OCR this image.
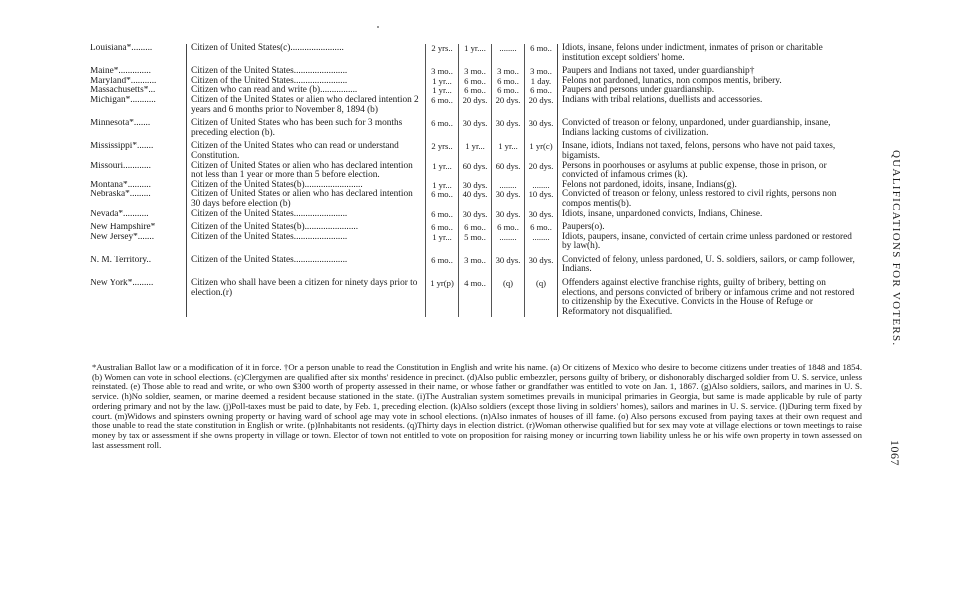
Louisiana*.........	Citizen of United States(c).......................	2 yrs..	1 yr....	........	6 mo..	Idiots, insane, felons under indictment, inmates of prison or charitable institution except soldiers' home.

Maine*..............	Citizen of the United States.......................	3 mo..	3 mo..	3 mo..	3 mo..	Paupers and Indians not taxed, under guardianship†
Maryland*...........	Citizen of the United States.......................	1 yr...	6 mo..	6 mo..	1 day.	Felons not pardoned, lunatics, non compos mentis, bribery.
Massachusetts*...	Citizen who can read and write (b)................	1 yr...	6 mo..	6 mo..	6 mo..	Paupers and persons under guardianship.
Michigan*...........	Citizen of the United States or alien who declared intention 2 years and 6 months prior to November 8, 1894 (b)	6 mo..	20 dys.	20 dys.	20 dys.	Indians with tribal relations, duellists and accessories.

Minnesota*.......	Citizen of United States who has been such for 3 months preceding election (b).	6 mo..	30 dys.	30 dys.	30 dys.	Convicted of treason or felony, unpardoned, under guardianship, insane, Indians lacking customs of civilization.

Mississippi*.......	Citizen of the United States who can read or understand Constitution.	2 yrs..	1 yr...	1 yr...	1 yr(c)	Insane, idiots, Indians not taxed, felons, persons who have not paid taxes, bigamists.
Missouri............	Citizen of United States or alien who has declared intention not less than 1 year or more than 5 before election.	1 yr...	60 dys.	60 dys.	20 dys.	Persons in poorhouses or asylums at public expense, those in prison, or convicted of infamous crimes (k).
Montana*..........	Citizen of the United States(b).........................	1 yr...	30 dys.	........	........	Felons not pardoned, idoits, insane, Indians(g).
Nebraska*.........	Citizen of United States or alien who has declared intention 30 days before election (b)	6 mo..	40 dys.	30 dys.	10 dys.	Convicted of treason or felony, unless restored to civil rights, persons non compos mentis(b).
Nevada*...........	Citizen of the United States.......................	6 mo..	30 dys.	30 dys.	30 dys.	Idiots, insane, unpardoned convicts, Indians, Chinese.

New Hampshire*	Citizen of the United States(b).......................	6 mo..	6 mo..	6 mo..	6 mo..	Paupers(o).
New Jersey*.......	Citizen of the United States.......................	1 yr...	5 mo..	........	........	Idiots, paupers, insane, convicted of certain crime unless pardoned or restored by law(h).

N. M. Territory..	Citizen of the United States.......................	6 mo..	3 mo..	30 dys.	30 dys.	Convicted of felony, unless pardoned, U. S. soldiers, sailors, or camp follower, Indians.

New York*.........	Citizen who shall have been a citizen for ninety days prior to election.(r)	1 yr(p)	4 mo..	(q)	(q)	Offenders against elective franchise rights, guilty of bribery, betting on elections, and persons convicted of bribery or infamous crime and not restored to citizenship by the Executive. Convicts in the House of Refuge or Reformatory not disqualified.
*Australian Ballot law or a modification of it in force. †Or a person unable to read the Constitution in English and write his name. (a) Or citizens of Mexico who desire to become citizens under treaties of 1848 and 1854. (b) Women can vote in school elections. (c)Clergymen are qualified after six months' residence in precinct. (d)Also public embezzler, persons guilty of bribery, or dishonorably discharged soldier from U. S. service, unless reinstated. (e) Those able to read and write, or who own $300 worth of property assessed in their name, or whose father or grandfather was entitled to vote on Jan. 1, 1867. (g)Also soldiers, sailors, and marines in U. S. service. (h)No soldier, seamen, or marine deemed a resident because stationed in the state. (i)The Australian system sometimes prevails in municipal primaries in Georgia, but same is made applicable by rule of party ordering primary and not by the law. (j)Poll-taxes must be paid to date, by Feb. 1, preceding election. (k)Also soldiers (except those living in soldiers' homes), sailors and marines in U. S. service. (l)During term fixed by court. (m)Widows and spinsters owning property or having ward of school age may vote in school elections. (n)Also inmates of houses of ill fame. (o) Also persons excused from paying taxes at their own request and those unable to read the state constitution in English or write. (p)Inhabitants not residents. (q)Thirty days in election district. (r)Woman otherwise qualified but for sex may vote at village elections or town meetings to raise money by tax or assessment if she owns property in village or town. Elector of town not entitled to vote on proposition for raising money or incurring town liability unless he or his wife own property in town assessed on last assessment roll.
QUALIFICATIONS FOR VOTERS.
1067
